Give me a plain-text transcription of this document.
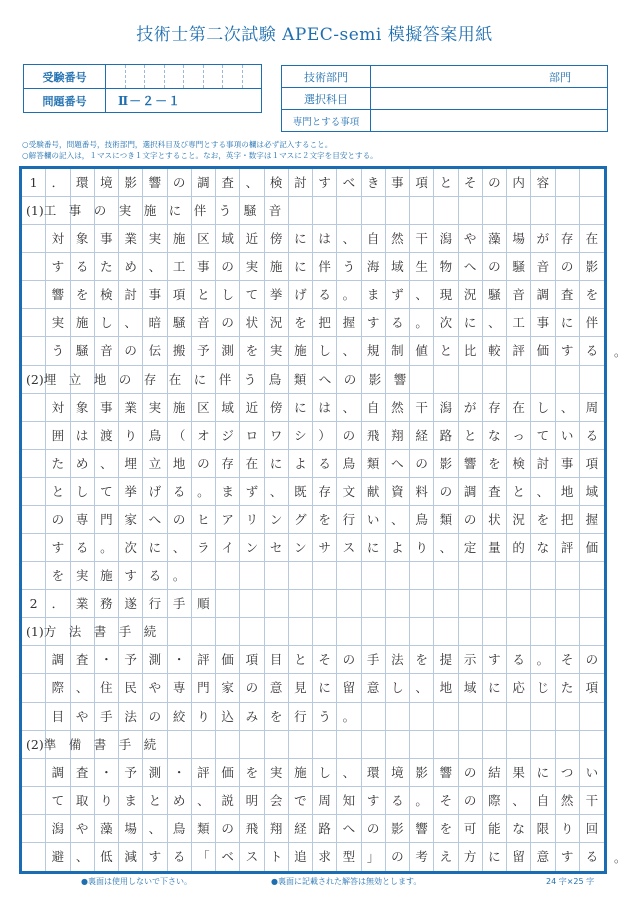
技術士第二次試験 APEC-semi 模擬答案用紙
受験番号	

問題番号	Ⅱ－２－１
技術部門	部門
選択科目	
専門とする事項	
○受験番号，問題番号，技術部門，選択科目及び専門とする事項の欄は必ず記入すること。
○解答欄の記入は，１マスにつき１文字とすること。なお，英字・数字は１マスに２文字を目安とする。
1	． 環 境 影 響 の 調 査 、 検 討 す べ き 事 項 と そ の 内 容
(1)工　事　の　実　施　に　伴　う　騒　音
対 象 事 業 実 施 区 域 近 傍 に は 、 自 然 干 潟 や 藻 場 が 存 在
す る た め 、 工 事 の 実 施 に 伴 う 海 域 生 物 へ の 騒 音 の 影
響 を 検 討 事 項 と し て 挙 げ る 。 ま ず 、 現 況 騒 音 調 査 を
実 施 し 、 暗 騒 音 の 状 況 を 把 握 す る 。 次 に 、 工 事 に 伴
う 騒 音 の 伝 搬 予 測 を 実 施 し 、 規 制 値 と 比 較 評 価 す る
(2)埋　立　地　の　存　在　に　伴　う　鳥　類　へ　の　影　響
対 象 事 業 実 施 区 域 近 傍 に は 、 自 然 干 潟 が 存 在 し 、 周
囲 は 渡 り 鳥 （ オ ジ ロ ワ シ ） の 飛 翔 経 路 と な っ て い る
た め 、 埋 立 地 の 存 在 に よ る 鳥 類 へ の 影 響 を 検 討 事 項
と し て 挙 げ る 。 ま ず 、 既 存 文 献 資 料 の 調 査 と 、 地 域
の 専 門 家 へ の ヒ ア リ ン グ を 行 い 、 鳥 類 の 状 況 を 把 握
す る 。 次 に 、 ラ イ ン セ ン サ ス に よ り 、 定 量 的 な 評 価
を 実 施 す る 。
2	． 業 務 遂 行 手 順
(1)方　法　書　手　続
調 査 ・ 予 測 ・ 評 価 項 目 と そ の 手 法 を 提 示 す る 。 そ の
際 、 住 民 や 専 門 家 の 意 見 に 留 意 し 、 地 域 に 応 じ た 項
目 や 手 法 の 絞 り 込 み を 行 う 。
(2)準　備　書　手　続
調 査 ・ 予 測 ・ 評 価 を 実 施 し 、 環 境 影 響 の 結 果 に つ い
て 取 り ま と め 、 説 明 会 で 周 知 す る 。 そ の 際 、 自 然 干
潟 や 藻 場 、 鳥 類 の 飛 翔 経 路 へ の 影 響 を 可 能 な 限 り 回
避 、 低 減 す る 「 ベ ス ト 追 求 型 」 の 考 え 方 に 留 意 す る
。
。
●裏面は使用しないで下さい。	●裏面に記載された解答は無効とします。	24 字×25 字
